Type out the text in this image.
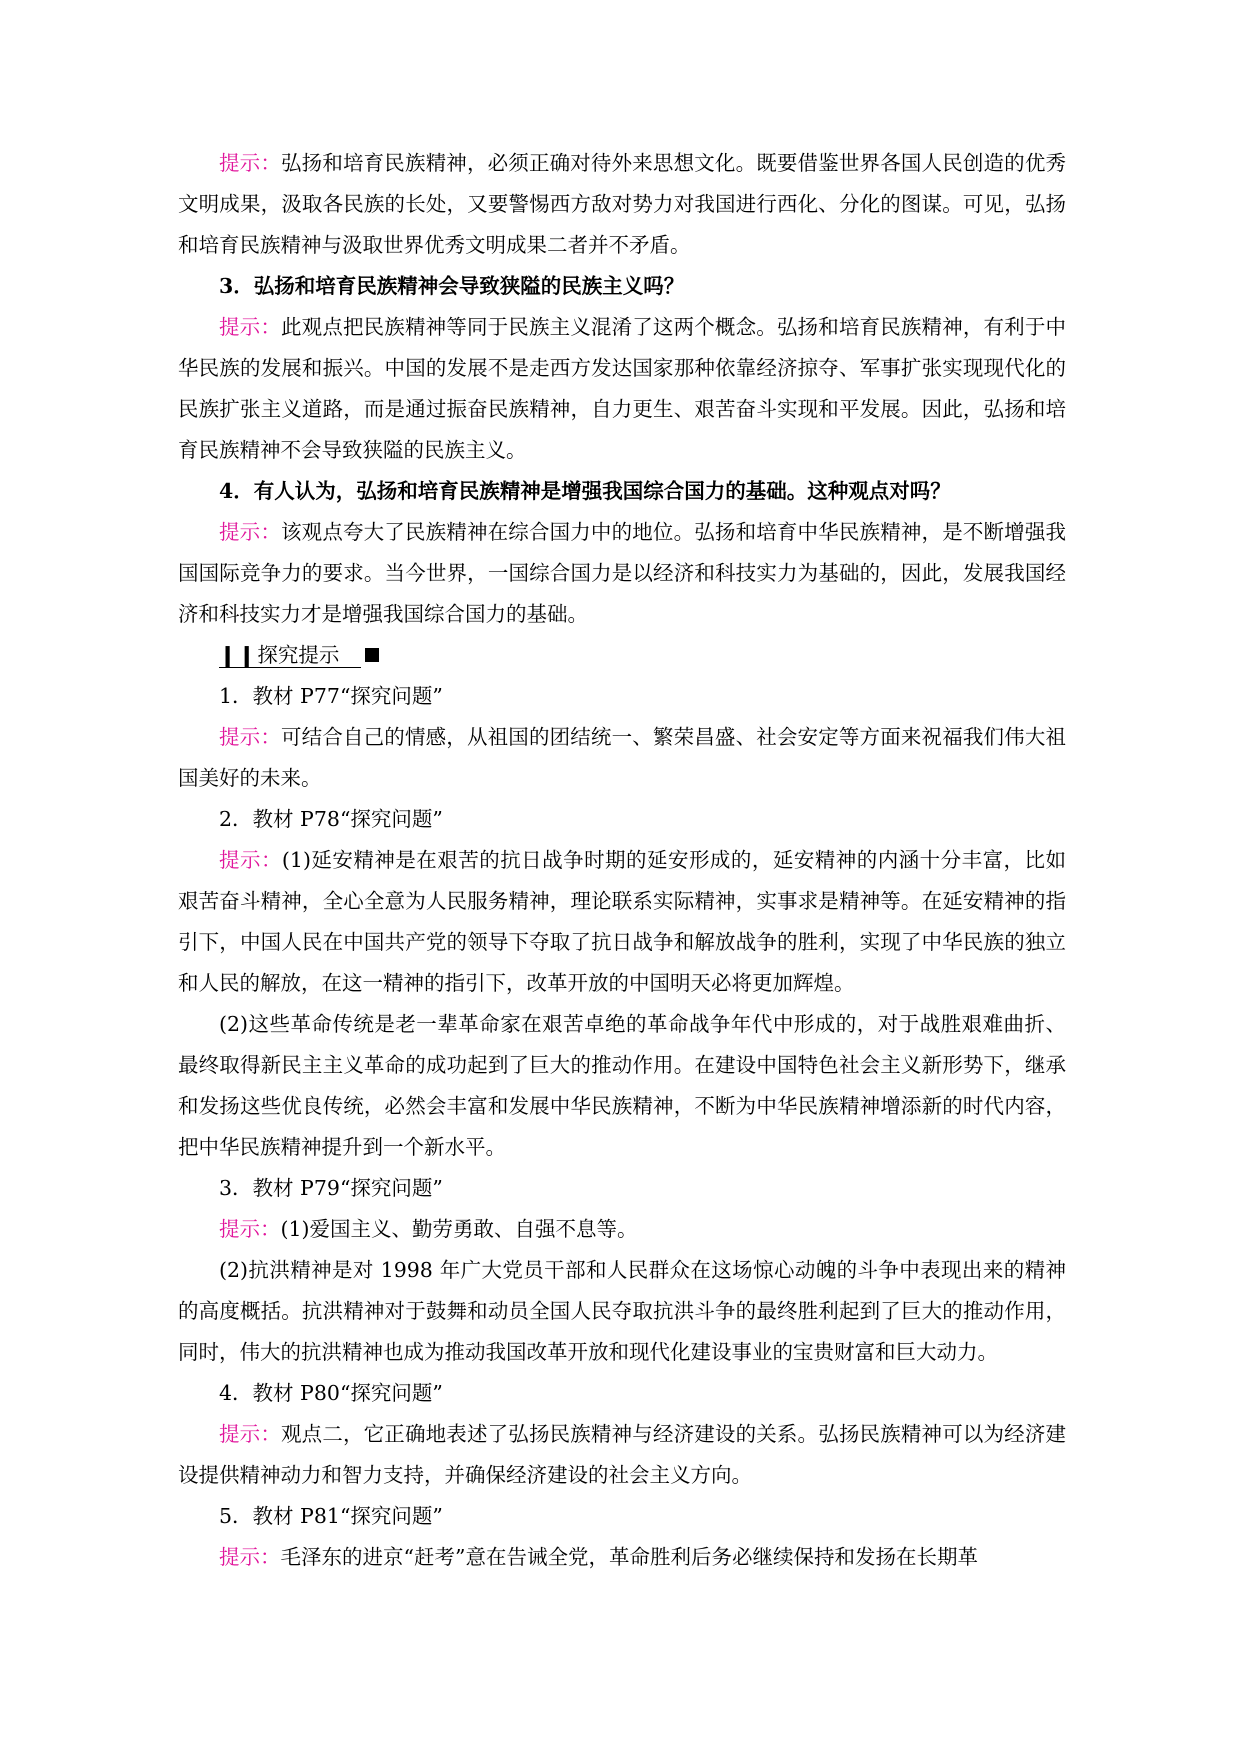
提示：弘扬和培育民族精神，必须正确对待外来思想文化。既要借鉴世界各国人民创造的优秀文明成果，汲取各民族的长处，又要警惕西方敌对势力对我国进行西化、分化的图谋。可见，弘扬和培育民族精神与汲取世界优秀文明成果二者并不矛盾。

3．弘扬和培育民族精神会导致狭隘的民族主义吗？

提示：此观点把民族精神等同于民族主义混淆了这两个概念。弘扬和培育民族精神，有利于中华民族的发展和振兴。中国的发展不是走西方发达国家那种依靠经济掠夺、军事扩张实现现代化的民族扩张主义道路，而是通过振奋民族精神，自力更生、艰苦奋斗实现和平发展。因此，弘扬和培育民族精神不会导致狭隘的民族主义。

4．有人认为，弘扬和培育民族精神是增强我国综合国力的基础。这种观点对吗？

提示：该观点夸大了民族精神在综合国力中的地位。弘扬和培育中华民族精神，是不断增强我国国际竞争力的要求。当今世界，一国综合国力是以经济和科技实力为基础的，因此，发展我国经济和科技实力才是增强我国综合国力的基础。

❙❙探究提示

1．教材 P77“探究问题”

提示：可结合自己的情感，从祖国的团结统一、繁荣昌盛、社会安定等方面来祝福我们伟大祖国美好的未来。

2．教材 P78“探究问题”

提示：(1)延安精神是在艰苦的抗日战争时期的延安形成的，延安精神的内涵十分丰富，比如艰苦奋斗精神，全心全意为人民服务精神，理论联系实际精神，实事求是精神等。在延安精神的指引下，中国人民在中国共产党的领导下夺取了抗日战争和解放战争的胜利，实现了中华民族的独立和人民的解放，在这一精神的指引下，改革开放的中国明天必将更加辉煌。

(2)这些革命传统是老一辈革命家在艰苦卓绝的革命战争年代中形成的，对于战胜艰难曲折、最终取得新民主主义革命的成功起到了巨大的推动作用。在建设中国特色社会主义新形势下，继承和发扬这些优良传统，必然会丰富和发展中华民族精神，不断为中华民族精神增添新的时代内容，把中华民族精神提升到一个新水平。

3．教材 P79“探究问题”

提示：(1)爱国主义、勤劳勇敢、自强不息等。

(2)抗洪精神是对 1998 年广大党员干部和人民群众在这场惊心动魄的斗争中表现出来的精神的高度概括。抗洪精神对于鼓舞和动员全国人民夺取抗洪斗争的最终胜利起到了巨大的推动作用，同时，伟大的抗洪精神也成为推动我国改革开放和现代化建设事业的宝贵财富和巨大动力。

4．教材 P80“探究问题”

提示：观点二，它正确地表述了弘扬民族精神与经济建设的关系。弘扬民族精神可以为经济建设提供精神动力和智力支持，并确保经济建设的社会主义方向。

5．教材 P81“探究问题”

提示：毛泽东的进京“赶考”意在告诫全党，革命胜利后务必继续保持和发扬在长期革
